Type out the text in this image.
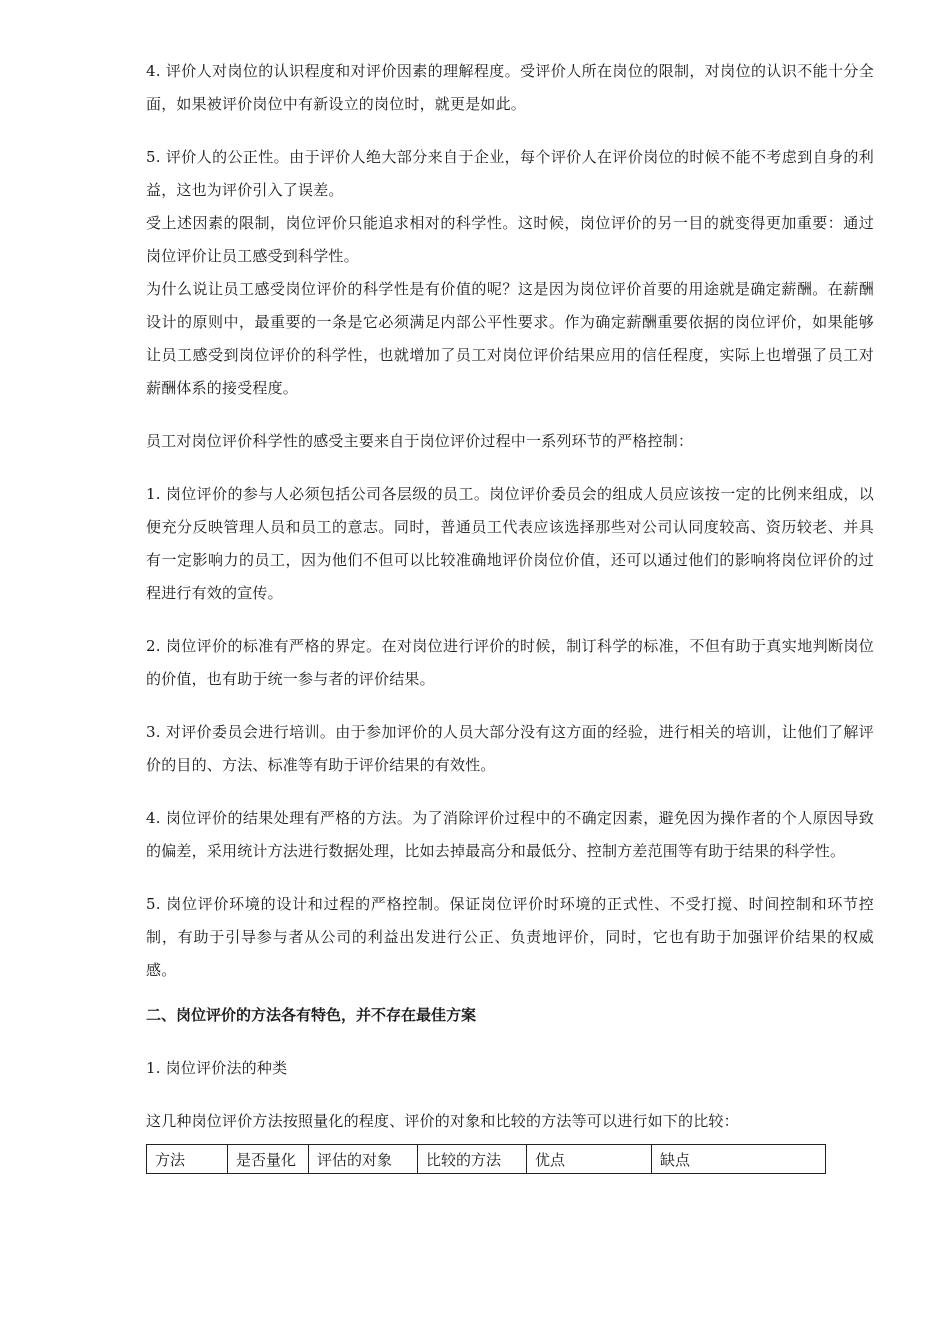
4. 评价人对岗位的认识程度和对评价因素的理解程度。受评价人所在岗位的限制，对岗位的认识不能十分全面，如果被评价岗位中有新设立的岗位时，就更是如此。

5. 评价人的公正性。由于评价人绝大部分来自于企业，每个评价人在评价岗位的时候不能不考虑到自身的利益，这也为评价引入了误差。

受上述因素的限制，岗位评价只能追求相对的科学性。这时候，岗位评价的另一目的就变得更加重要：通过岗位评价让员工感受到科学性。

为什么说让员工感受岗位评价的科学性是有价值的呢？这是因为岗位评价首要的用途就是确定薪酬。在薪酬设计的原则中，最重要的一条是它必须满足内部公平性要求。作为确定薪酬重要依据的岗位评价，如果能够让员工感受到岗位评价的科学性，也就增加了员工对岗位评价结果应用的信任程度，实际上也增强了员工对薪酬体系的接受程度。

员工对岗位评价科学性的感受主要来自于岗位评价过程中一系列环节的严格控制：

1. 岗位评价的参与人必须包括公司各层级的员工。岗位评价委员会的组成人员应该按一定的比例来组成，以便充分反映管理人员和员工的意志。同时，普通员工代表应该选择那些对公司认同度较高、资历较老、并具有一定影响力的员工，因为他们不但可以比较准确地评价岗位价值，还可以通过他们的影响将岗位评价的过程进行有效的宣传。

2. 岗位评价的标准有严格的界定。在对岗位进行评价的时候，制订科学的标准，不但有助于真实地判断岗位的价值，也有助于统一参与者的评价结果。

3. 对评价委员会进行培训。由于参加评价的人员大部分没有这方面的经验，进行相关的培训，让他们了解评价的目的、方法、标准等有助于评价结果的有效性。

4. 岗位评价的结果处理有严格的方法。为了消除评价过程中的不确定因素，避免因为操作者的个人原因导致的偏差，采用统计方法进行数据处理，比如去掉最高分和最低分、控制方差范围等有助于结果的科学性。

5. 岗位评价环境的设计和过程的严格控制。保证岗位评价时环境的正式性、不受打搅、时间控制和环节控制，有助于引导参与者从公司的利益出发进行公正、负责地评价，同时，它也有助于加强评价结果的权威感。

二、岗位评价的方法各有特色，并不存在最佳方案

1. 岗位评价法的种类

这几种岗位评价方法按照量化的程度、评价的对象和比较的方法等可以进行如下的比较：

方法	是否量化	评估的对象	比较的方法	优点	缺点
